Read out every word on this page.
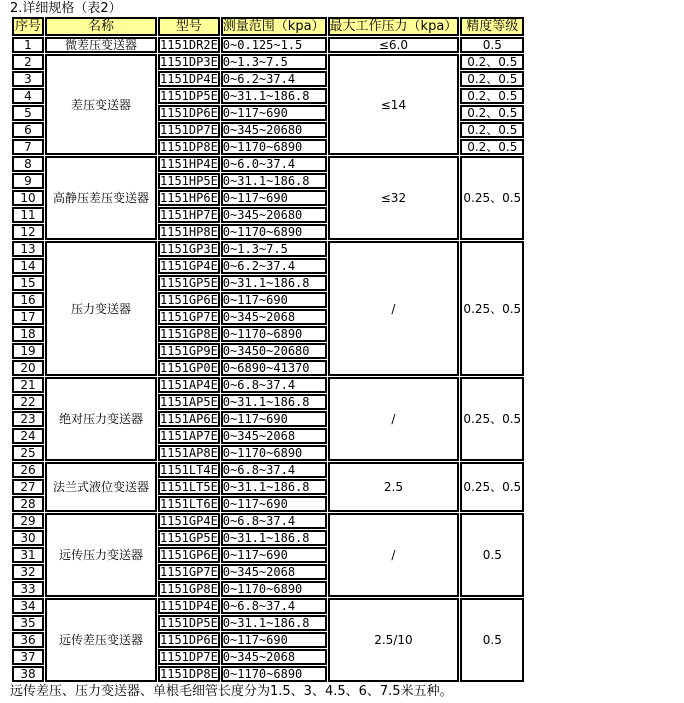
2.详细规格（表2）
序号	名称	型号	测量范围（kpa）	最大工作压力（kpa）	精度等级
1	微差压变送器	1151DR2E	0~0.125~1.5	≤6.0	0.5
2	差压变送器	1151DP3E	0~1.3~7.5	≤14	0.2、0.5
3		1151DP4E	0~6.2~37.4		0.2、0.5
4		1151DP5E	0~31.1~186.8		0.2、0.5
5		1151DP6E	0~117~690		0.2、0.5
6		1151DP7E	0~345~20680		0.2、0.5
7		1151DP8E	0~1170~6890		0.2、0.5
8	高静压差压变送器	1151HP4E	0~6.0~37.4	≤32	0.25、0.5
9		1151HP5E	0~31.1~186.8		
10		1151HP6E	0~117~690		
11		1151HP7E	0~345~20680		
12		1151HP8E	0~1170~6890		
13	压力变送器	1151GP3E	0~1.3~7.5	/	0.25、0.5
14		1151GP4E	0~6.2~37.4		
15		1151GP5E	0~31.1~186.8		
16		1151GP6E	0~117~690		
17		1151GP7E	0~345~2068		
18		1151GP8E	0~1170~6890		
19		1151GP9E	0~3450~20680		
20		1151GP0E	0~6890~41370		
21	绝对压力变送器	1151AP4E	0~6.8~37.4	/	0.25、0.5
22		1151AP5E	0~31.1~186.8		
23		1151AP6E	0~117~690		
24		1151AP7E	0~345~2068		
25		1151AP8E	0~1170~6890		
26	法兰式液位变送器	1151LT4E	0~6.8~37.4	2.5	0.25、0.5
27		1151LT5E	0~31.1~186.8		
28		1151LT6E	0~117~690		
29	远传压力变送器	1151GP4E	0~6.8~37.4	/	0.5
30		1151GP5E	0~31.1~186.8		
31		1151GP6E	0~117~690		
32		1151GP7E	0~345~2068		
33		1151GP8E	0~1170~6890		
34	远传差压变送器	1151DP4E	0~6.8~37.4	2.5/10	0.5
35		1151DP5E	0~31.1~186.8		
36		1151DP6E	0~117~690		
37		1151DP7E	0~345~2068		
38		1151DP8E	0~1170~6890		
远传差压、压力变送器、单根毛细管长度分为1.5、3、4.5、6、7.5米五种。
